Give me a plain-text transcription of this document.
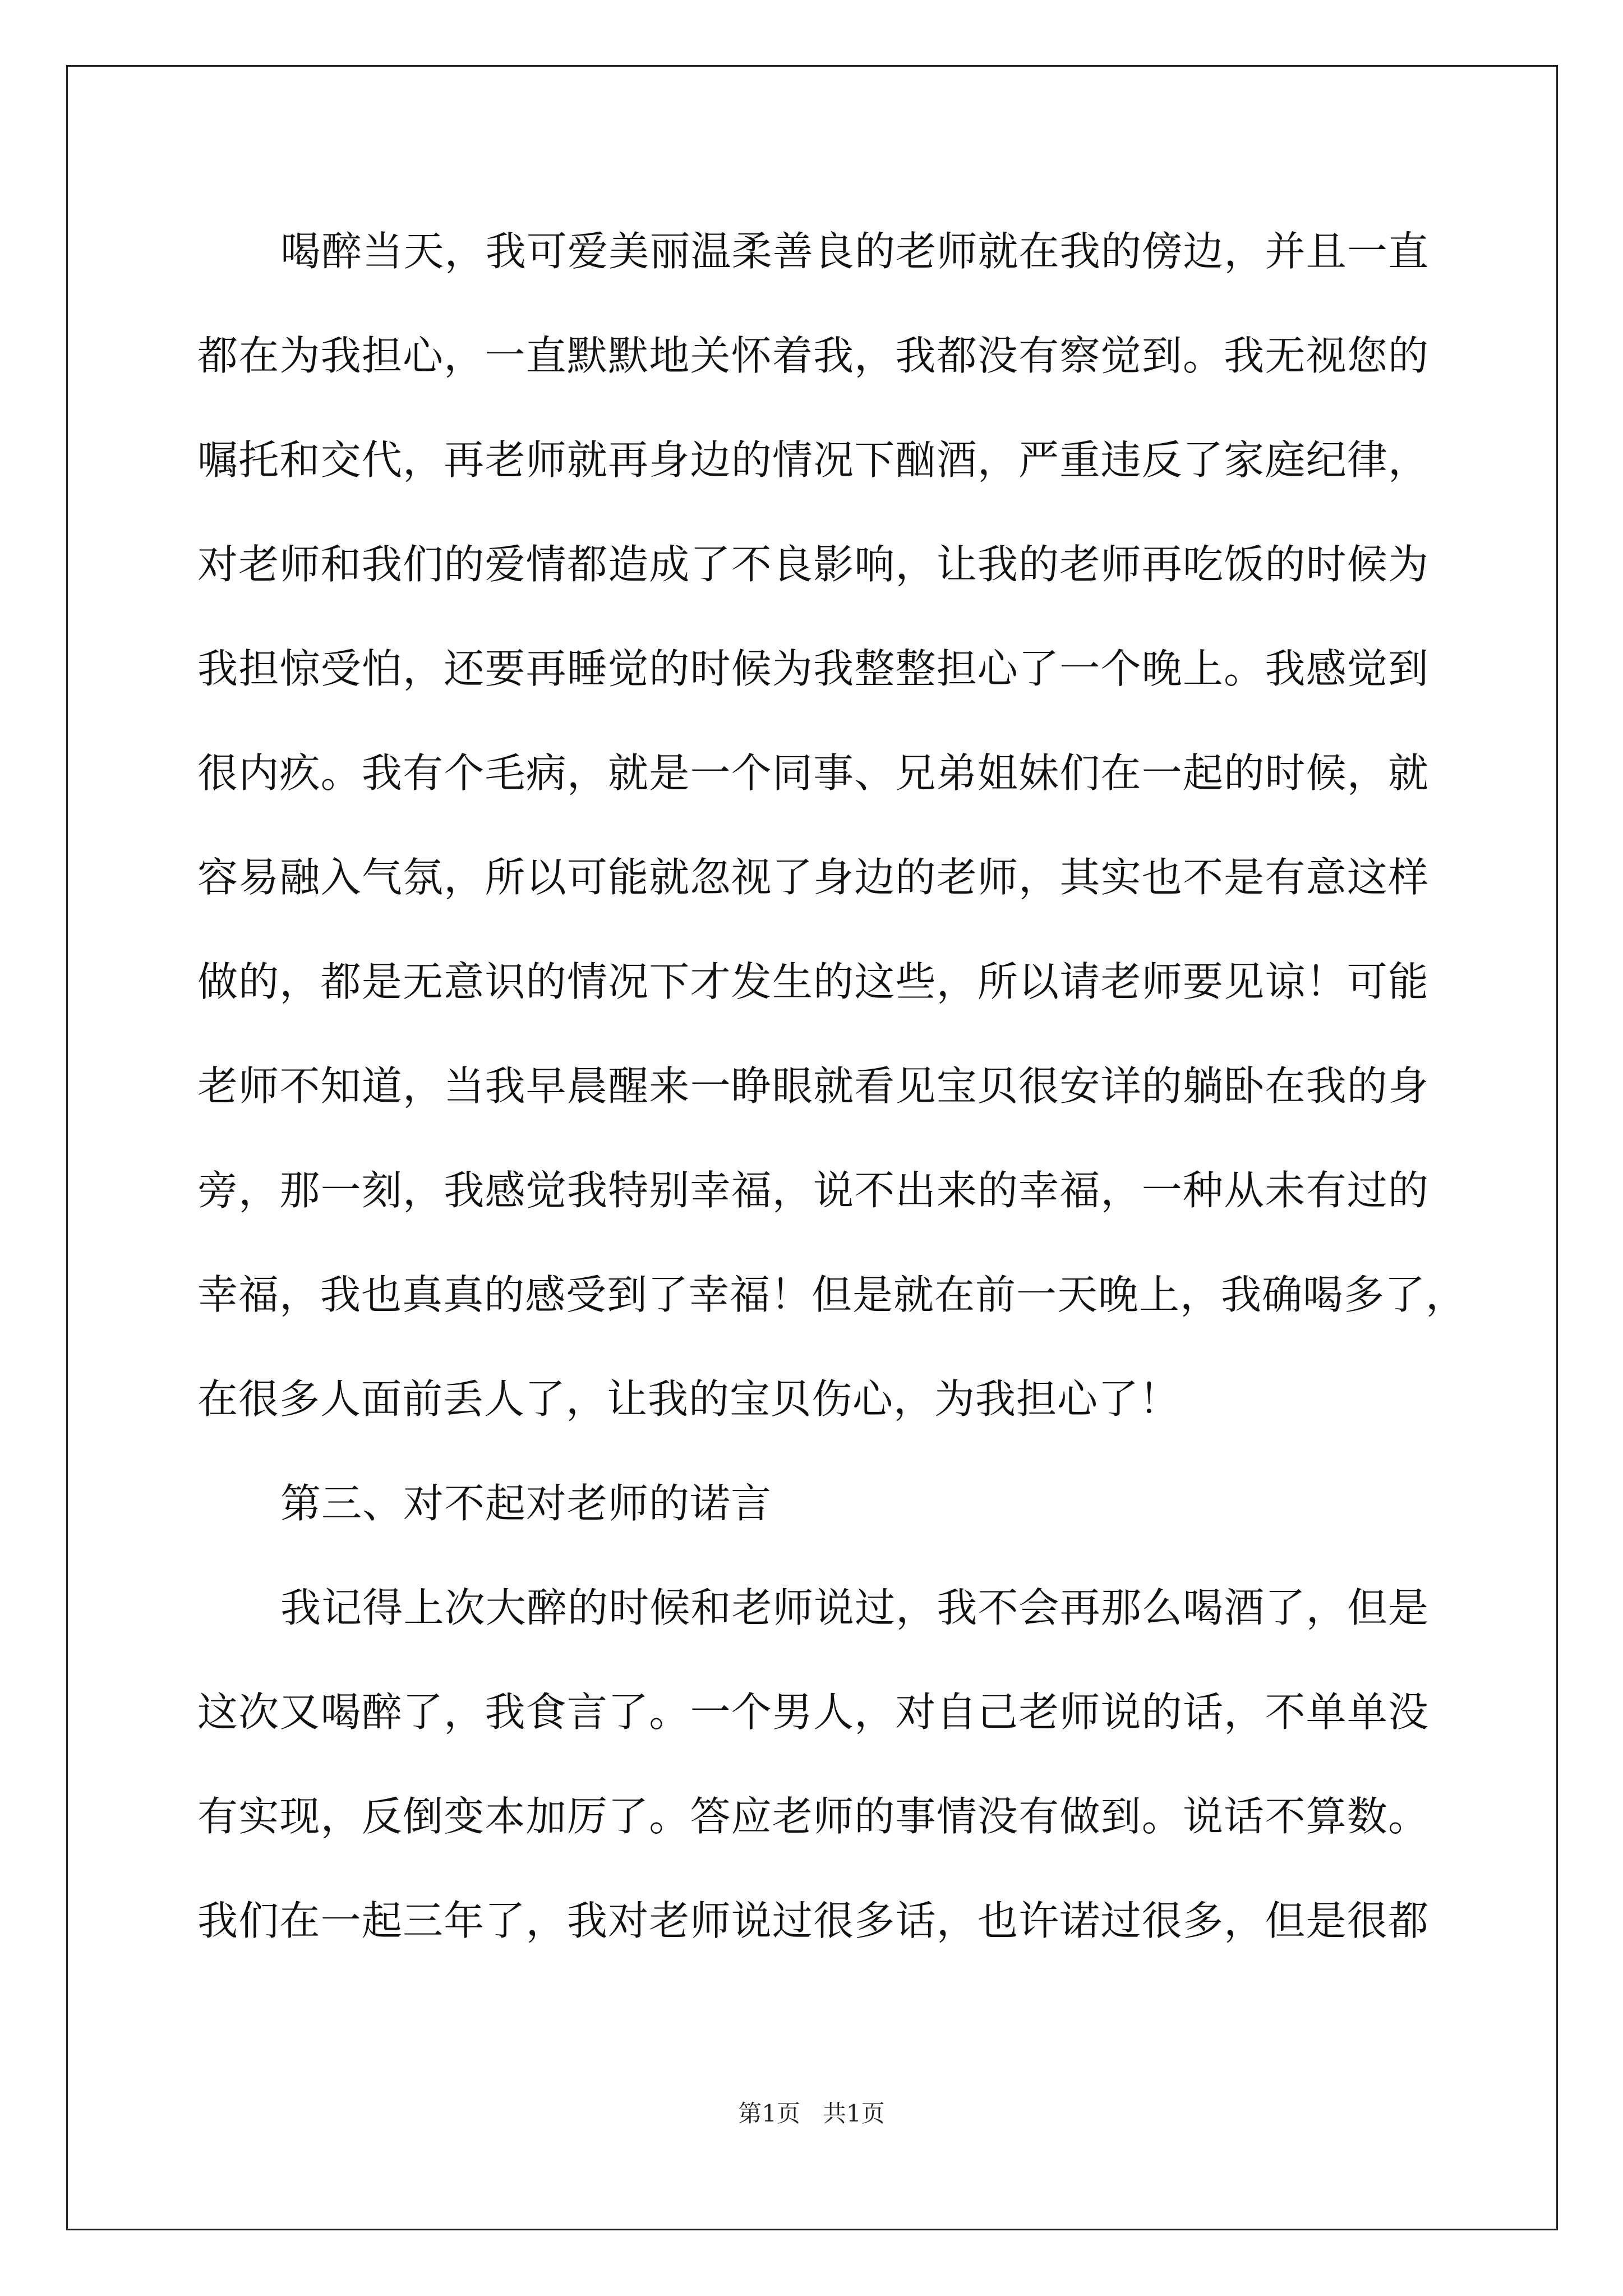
喝醉当天，我可爱美丽温柔善良的老师就在我的傍边，并且一直
都在为我担心，一直默默地关怀着我，我都没有察觉到。我无视您的
嘱托和交代，再老师就再身边的情况下酗酒，严重违反了家庭纪律，
对老师和我们的爱情都造成了不良影响，让我的老师再吃饭的时候为
我担惊受怕，还要再睡觉的时候为我整整担心了一个晚上。我感觉到
很内疚。我有个毛病，就是一个同事、兄弟姐妹们在一起的时候，就
容易融入气氛，所以可能就忽视了身边的老师，其实也不是有意这样
做的，都是无意识的情况下才发生的这些，所以请老师要见谅！可能
老师不知道，当我早晨醒来一睁眼就看见宝贝很安详的躺卧在我的身
旁，那一刻，我感觉我特别幸福，说不出来的幸福，一种从未有过的
幸福，我也真真的感受到了幸福！但是就在前一天晚上，我确喝多了，
在很多人面前丢人了，让我的宝贝伤心，为我担心了！
第三、对不起对老师的诺言
我记得上次大醉的时候和老师说过，我不会再那么喝酒了，但是
这次又喝醉了，我食言了。一个男人，对自己老师说的话，不单单没
有实现，反倒变本加厉了。答应老师的事情没有做到。说话不算数。
我们在一起三年了，我对老师说过很多话，也许诺过很多，但是很都
第1页 共1页
